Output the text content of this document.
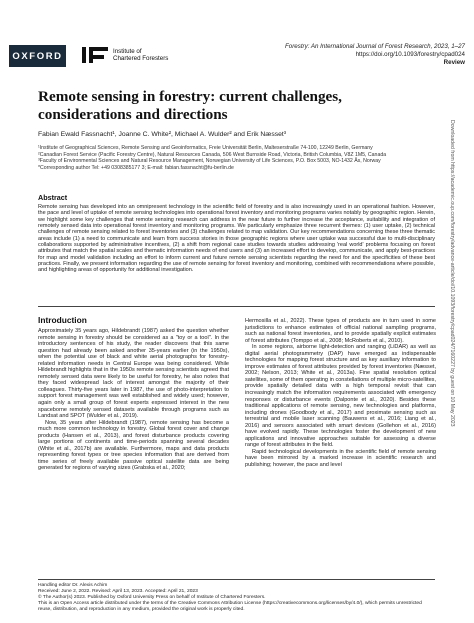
OXFORD	Institute of
Chartered Foresters
Forestry: An International Journal of Forest Research, 2023, 1–27
https://doi.org/10.1093/forestry/cpad024
Review
Remote sensing in forestry: current challenges, considerations and directions
Fabian Ewald Fassnacht¹, Joanne C. White², Michael A. Wulder² and Erik Næsset³
¹Institute of Geographical Sciences, Remote Sensing and Geoinformatics, Freie Universität Berlin, Malteserstraße 74-100, 12249 Berlin, Germany
²Canadian Forest Service (Pacific Forestry Centre), Natural Resources Canada, 506 West Burnside Road, Victoria, British Columbia, V8Z 1M5, Canada
³Faculty of Environmental Sciences and Natural Resource Management, Norwegian University of Life Sciences, P.O. Box 5003, NO-1432 Ås, Norway
*Corresponding author Tel: +49 0308385177 3; E-mail: fabian.fassnacht@fu-berlin.de
Abstract
Remote sensing has developed into an omnipresent technology in the scientific field of forestry and is also increasingly used in an operational fashion. However, the pace and level of uptake of remote sensing technologies into operational forest inventory and monitoring programs varies notably by geographic region. Herein, we highlight some key challenges that remote sensing research can address in the near future to further increase the acceptance, suitability and integration of remotely sensed data into operational forest inventory and monitoring programs. We particularly emphasize three recurrent themes: (1) user uptake, (2) technical challenges of remote sensing related to forest inventories and (3) challenges related to map validation. Our key recommendations concerning these three thematic areas include (1) a need to communicate and learn from success stories in those geographic regions where user uptake was successful due to multi-disciplinary collaborations supported by administrative incentives, (2) a shift from regional case studies towards studies addressing 'real world' problems focusing on forest attributes that match the spatial scales and thematic information needs of end users and (3) an increased effort to develop, communicate, and apply best-practices for map and model validation including an effort to inform current and future remote sensing scientists regarding the need for and the specificities of these best practices. Finally, we present information regarding the use of remote sensing for forest inventory and monitoring, combined with recommendations where possible, and highlighting areas of opportunity for additional investigation.
Introduction

Approximately 35 years ago, Hildebrandt (1987) asked the question whether remote sensing in forestry should be considered as a "toy or a tool". In the introductory sentences of his study, the reader discovers that this same question had already been asked another 35-years earlier (in the 1950s), when the potential use of black and white aerial photographs for forestry-related information needs in Central Europe was being considered. While Hildebrandt highlights that in the 1950s remote sensing scientists agreed that remotely sensed data were likely to be useful for forestry, he also notes that they faced widespread lack of interest amongst the majority of their colleagues. Thirty-five years later in 1987, the use of photo-interpretation to support forest management was well established and widely used; however, again only a small group of forest experts expressed interest in the new spaceborne remotely sensed datasets available through programs such as Landsat and SPOT (Wulder et al., 2019).

Now, 35 years after Hildebrandt (1987), remote sensing has become a much more common technology in forestry. Global forest cover and change products (Hansen et al., 2013), and forest disturbance products covering large portions of continents and time-periods spanning several decades (White et al., 2017b) are available. Furthermore, maps and data products representing forest types or tree species information that are derived from time series of freely available passive optical satellite data are being generated for regions of varying sizes (Grabska et al., 2020;

Hermosilla et al., 2022). These types of products are in turn used in some jurisdictions to enhance estimates of official national sampling programs, such as national forest inventories, and to provide spatially explicit estimates of forest attributes (Tomppo et al., 2008; McRoberts et al., 2010).

In some regions, airborne light-detection and ranging (LiDAR) as well as digital aerial photogrammetry (DAP) have emerged as indispensable technologies for mapping forest structure and as key auxiliary information to improve estimates of forest attributes provided by forest inventories (Næsset, 2002; Nelson, 2013; White et al., 2013a). Fine spatial resolution optical satellites, some of them operating in constellations of multiple micro-satellites, provide spatially detailed data with a high temporal revisit that can increasingly match the information requirements associated with emergency responses or disturbance events (Dalponte et al., 2020). Besides these traditional applications of remote sensing, new technologies and platforms, including drones (Goodbody et al., 2017) and proximate sensing such as terrestrial and mobile laser scanning (Bauwens et al., 2016; Liang et al., 2016) and sensors associated with smart devices (Gollehon et al., 2016) have evolved rapidly. These technologies foster the development of new applications and innovative approaches suitable for assessing a diverse range of forest attributes in the field.

Rapid technological developments in the scientific field of remote sensing have been mirrored by a marked increase in scientific research and publishing; however, the pace and level

Handling editor Dr. Alexis Achim
Received: June 2, 2022. Revised: April 13, 2023. Accepted: April 21, 2023
© The Author(s) 2023. Published by Oxford University Press on behalf of Institute of Chartered Foresters.
This is an Open Access article distributed under the terms of the Creative Commons Attribution License (https://creativecommons.org/licenses/by/4.0/), which permits unrestricted reuse, distribution, and reproduction in any medium, provided the original work is properly cited.
Downloaded from https://academic.oup.com/forestry/advance-article/doi/10.1093/forestry/cpad024/7160227 by guest on 10 May 2023
